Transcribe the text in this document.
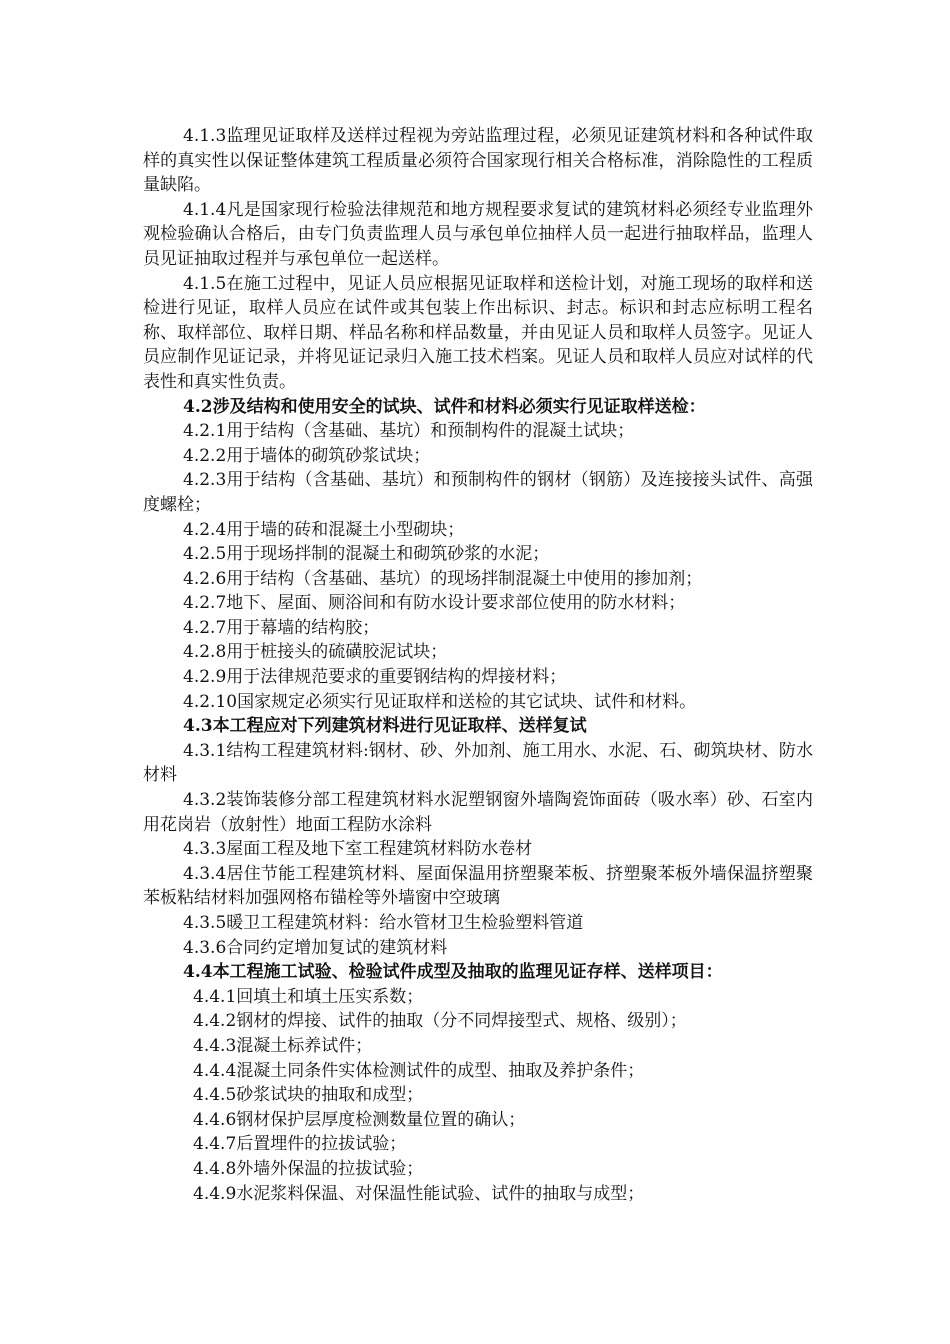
4.1.3监理见证取样及送样过程视为旁站监理过程，必须见证建筑材料和各种试件取样的真实性以保证整体建筑工程质量必须符合国家现行相关合格标准，消除隐性的工程质量缺陷。

4.1.4凡是国家现行检验法律规范和地方规程要求复试的建筑材料必须经专业监理外观检验确认合格后，由专门负责监理人员与承包单位抽样人员一起进行抽取样品，监理人员见证抽取过程并与承包单位一起送样。

4.1.5在施工过程中，见证人员应根据见证取样和送检计划，对施工现场的取样和送检进行见证，取样人员应在试件或其包装上作出标识、封志。标识和封志应标明工程名称、取样部位、取样日期、样品名称和样品数量，并由见证人员和取样人员签字。见证人员应制作见证记录，并将见证记录归入施工技术档案。见证人员和取样人员应对试样的代表性和真实性负责。

4.2涉及结构和使用安全的试块、试件和材料必须实行见证取样送检：

4.2.1用于结构（含基础、基坑）和预制构件的混凝土试块；

4.2.2用于墙体的砌筑砂浆试块；

4.2.3用于结构（含基础、基坑）和预制构件的钢材（钢筋）及连接接头试件、高强度螺栓；

4.2.4用于墙的砖和混凝土小型砌块；

4.2.5用于现场拌制的混凝土和砌筑砂浆的水泥；

4.2.6用于结构（含基础、基坑）的现场拌制混凝土中使用的掺加剂；

4.2.7地下、屋面、厕浴间和有防水设计要求部位使用的防水材料；

4.2.7用于幕墙的结构胶；

4.2.8用于桩接头的硫磺胶泥试块；

4.2.9用于法律规范要求的重要钢结构的焊接材料；

4.2.10国家规定必须实行见证取样和送检的其它试块、试件和材料。

4.3本工程应对下列建筑材料进行见证取样、送样复试

4.3.1结构工程建筑材料:钢材、砂、外加剂、施工用水、水泥、石、砌筑块材、防水材料

4.3.2装饰装修分部工程建筑材料水泥塑钢窗外墙陶瓷饰面砖（吸水率）砂、石室内用花岗岩（放射性）地面工程防水涂料

4.3.3屋面工程及地下室工程建筑材料防水卷材

4.3.4居住节能工程建筑材料、屋面保温用挤塑聚苯板、挤塑聚苯板外墙保温挤塑聚苯板粘结材料加强网格布锚栓等外墙窗中空玻璃

4.3.5暖卫工程建筑材料：给水管材卫生检验塑料管道

4.3.6合同约定增加复试的建筑材料

4.4本工程施工试验、检验试件成型及抽取的监理见证存样、送样项目：

4.4.1回填土和填土压实系数；

4.4.2钢材的焊接、试件的抽取（分不同焊接型式、规格、级别）；

4.4.3混凝土标养试件；

4.4.4混凝土同条件实体检测试件的成型、抽取及养护条件；

4.4.5砂浆试块的抽取和成型；

4.4.6钢材保护层厚度检测数量位置的确认；

4.4.7后置埋件的拉拔试验；

4.4.8外墙外保温的拉拔试验；

4.4.9水泥浆料保温、对保温性能试验、试件的抽取与成型；
